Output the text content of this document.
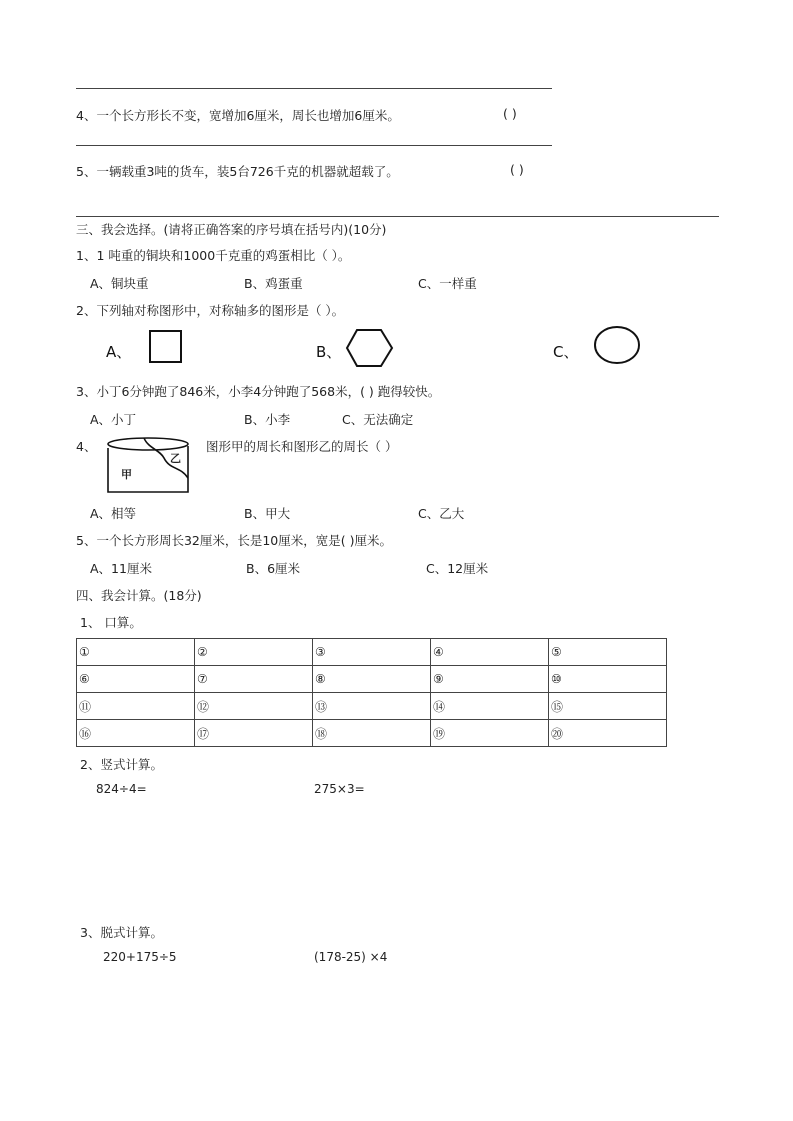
4、一个长方形长不变，宽增加6厘米，周长也增加6厘米。	( )
5、一辆载重3吨的货车，装5台726千克的机器就超载了。	( )
三、我会选择。(请将正确答案的序号填在括号内)(10分)
1、1 吨重的铜块和1000千克重的鸡蛋相比（ ）。
A、铜块重	B、鸡蛋重	C、一样重
2、下列轴对称图形中，对称轴多的图形是（ ）。
A、	B、	C、
3、小丁6分钟跑了846米，小李4分钟跑了568米，( ) 跑得较快。
A、小丁	B、小李	C、无法确定
4、
甲
乙
图形甲的周长和图形乙的周长（ ）
A、相等	B、甲大	C、乙大
5、一个长方形周长32厘米，长是10厘米，宽是( )厘米。
A、11厘米	B、6厘米	C、12厘米
四、我会计算。(18分)
1、 口算。
①	②	③	④	⑤
⑥	⑦	⑧	⑨	⑩
⑪	⑫	⑬	⑭	⑮
⑯	⑰	⑱	⑲	⑳
2、竖式计算。
824÷4=	275×3=
3、脱式计算。
220+175÷5	(178-25) ×4
